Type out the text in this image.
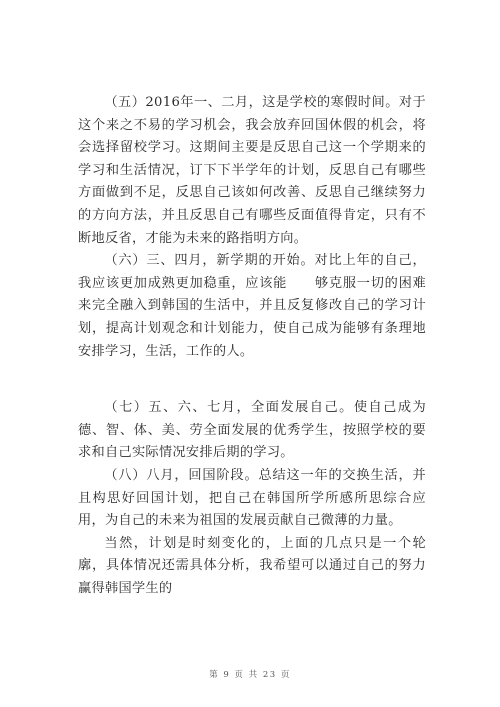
（五）2016年一、二月，这是学校的寒假时间。对于这个来之不易的学习机会，我会放弃回国休假的机会，将会选择留校学习。这期间主要是反思自己这一个学期来的学习和生活情况，订下下半学年的计划，反思自己有哪些方面做到不足，反思自己该如何改善、反思自己继续努力的方向方法，并且反思自己有哪些反面值得肯定，只有不断地反省，才能为未来的路指明方向。

（六）三、四月，新学期的开始。对比上年的自己，我应该更加成熟更加稳重，应该能　　够克服一切的困难来完全融入到韩国的生活中，并且反复修改自己的学习计划，提高计划观念和计划能力，使自己成为能够有条理地安排学习，生活，工作的人。

（七）五、六、七月，全面发展自己。使自己成为德、智、体、美、劳全面发展的优秀学生，按照学校的要求和自己实际情况安排后期的学习。

（八）八月，回国阶段。总结这一年的交换生活，并且构思好回国计划，把自己在韩国所学所感所思综合应用，为自己的未来为祖国的发展贡献自己微薄的力量。

当然，计划是时刻变化的，上面的几点只是一个轮廓，具体情况还需具体分析，我希望可以通过自己的努力赢得韩国学生的

第 9 页 共 23 页
